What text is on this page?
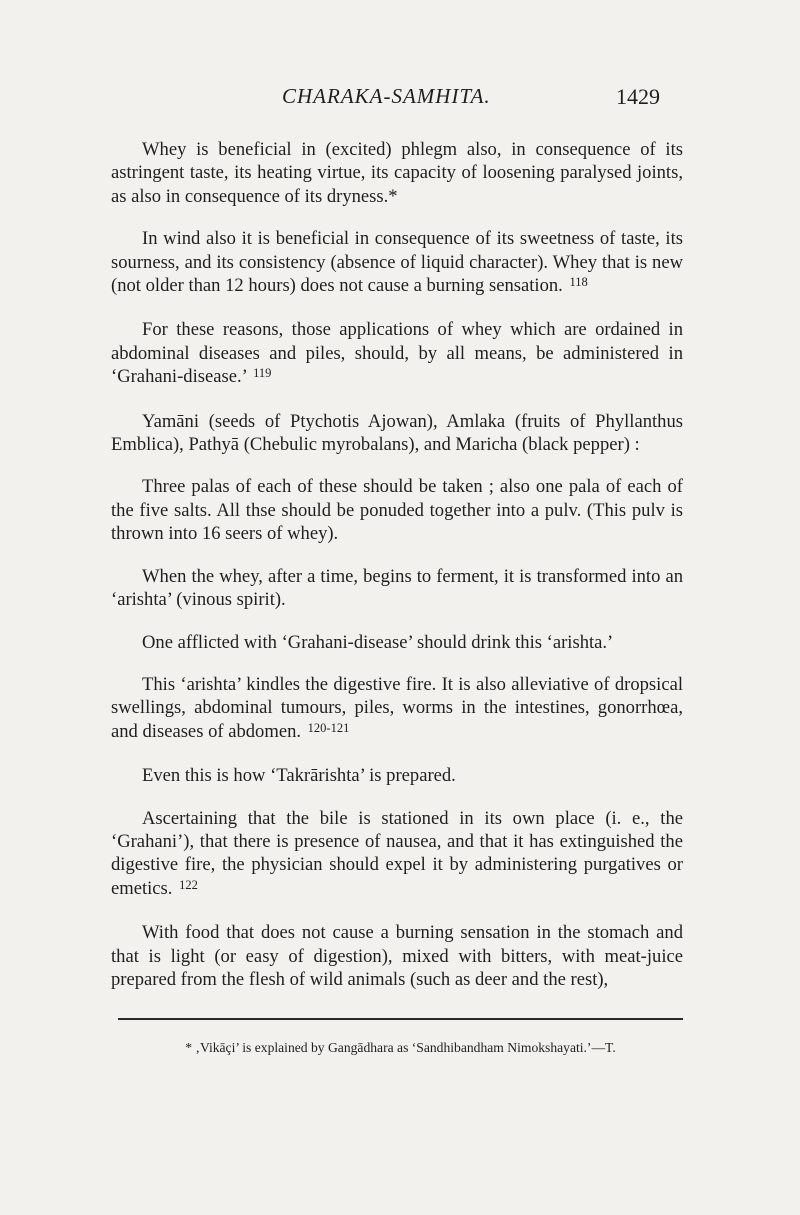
CHARAKA-SAMHITA.	1429

Whey is beneficial in (excited) phlegm also, in consequence of its astringent taste, its heating virtue, its capacity of loosening paralysed joints, as also in consequence of its dryness.*

In wind also it is beneficial in consequence of its sweetness of taste, its sourness, and its consistency (absence of liquid character). Whey that is new (not older than 12 hours) does not cause a burning sensation. $^{118}$

For these reasons, those applications of whey which are ordained in abdominal diseases and piles, should, by all means, be administered in ‘Grahani-disease.’ $^{119}$

Yamāni (seeds of Ptychotis Ajowan), Amlaka (fruits of Phyllanthus Emblica), Pathyā (Chebulic myrobalans), and Maricha (black pepper) :

Three palas of each of these should be taken ; also one pala of each of the five salts. All thse should be ponuded together into a pulv. (This pulv is thrown into 16 seers of whey).

When the whey, after a time, begins to ferment, it is transformed into an ‘arishta’ (vinous spirit).

One afflicted with ‘Grahani-disease’ should drink this ‘arishta.’

This ‘arishta’ kindles the digestive fire. It is also alleviative of dropsical swellings, abdominal tumours, piles, worms in the intestines, gonorrhœa, and diseases of abdomen. $^{120-121}$

Even this is how ‘Takrārishta’ is prepared.

Ascertaining that the bile is stationed in its own place (i. e., the ‘Grahani’), that there is presence of nausea, and that it has extinguished the digestive fire, the physician should expel it by administering purgatives or emetics. $^{122}$

With food that does not cause a burning sensation in the stomach and that is light (or easy of digestion), mixed with bitters, with meat-juice prepared from the flesh of wild animals (such as deer and the rest),

* ‚Vikāçi’ is explained by Gangādhara as ‘Sandhibandham Nimokshayati.’—T.
